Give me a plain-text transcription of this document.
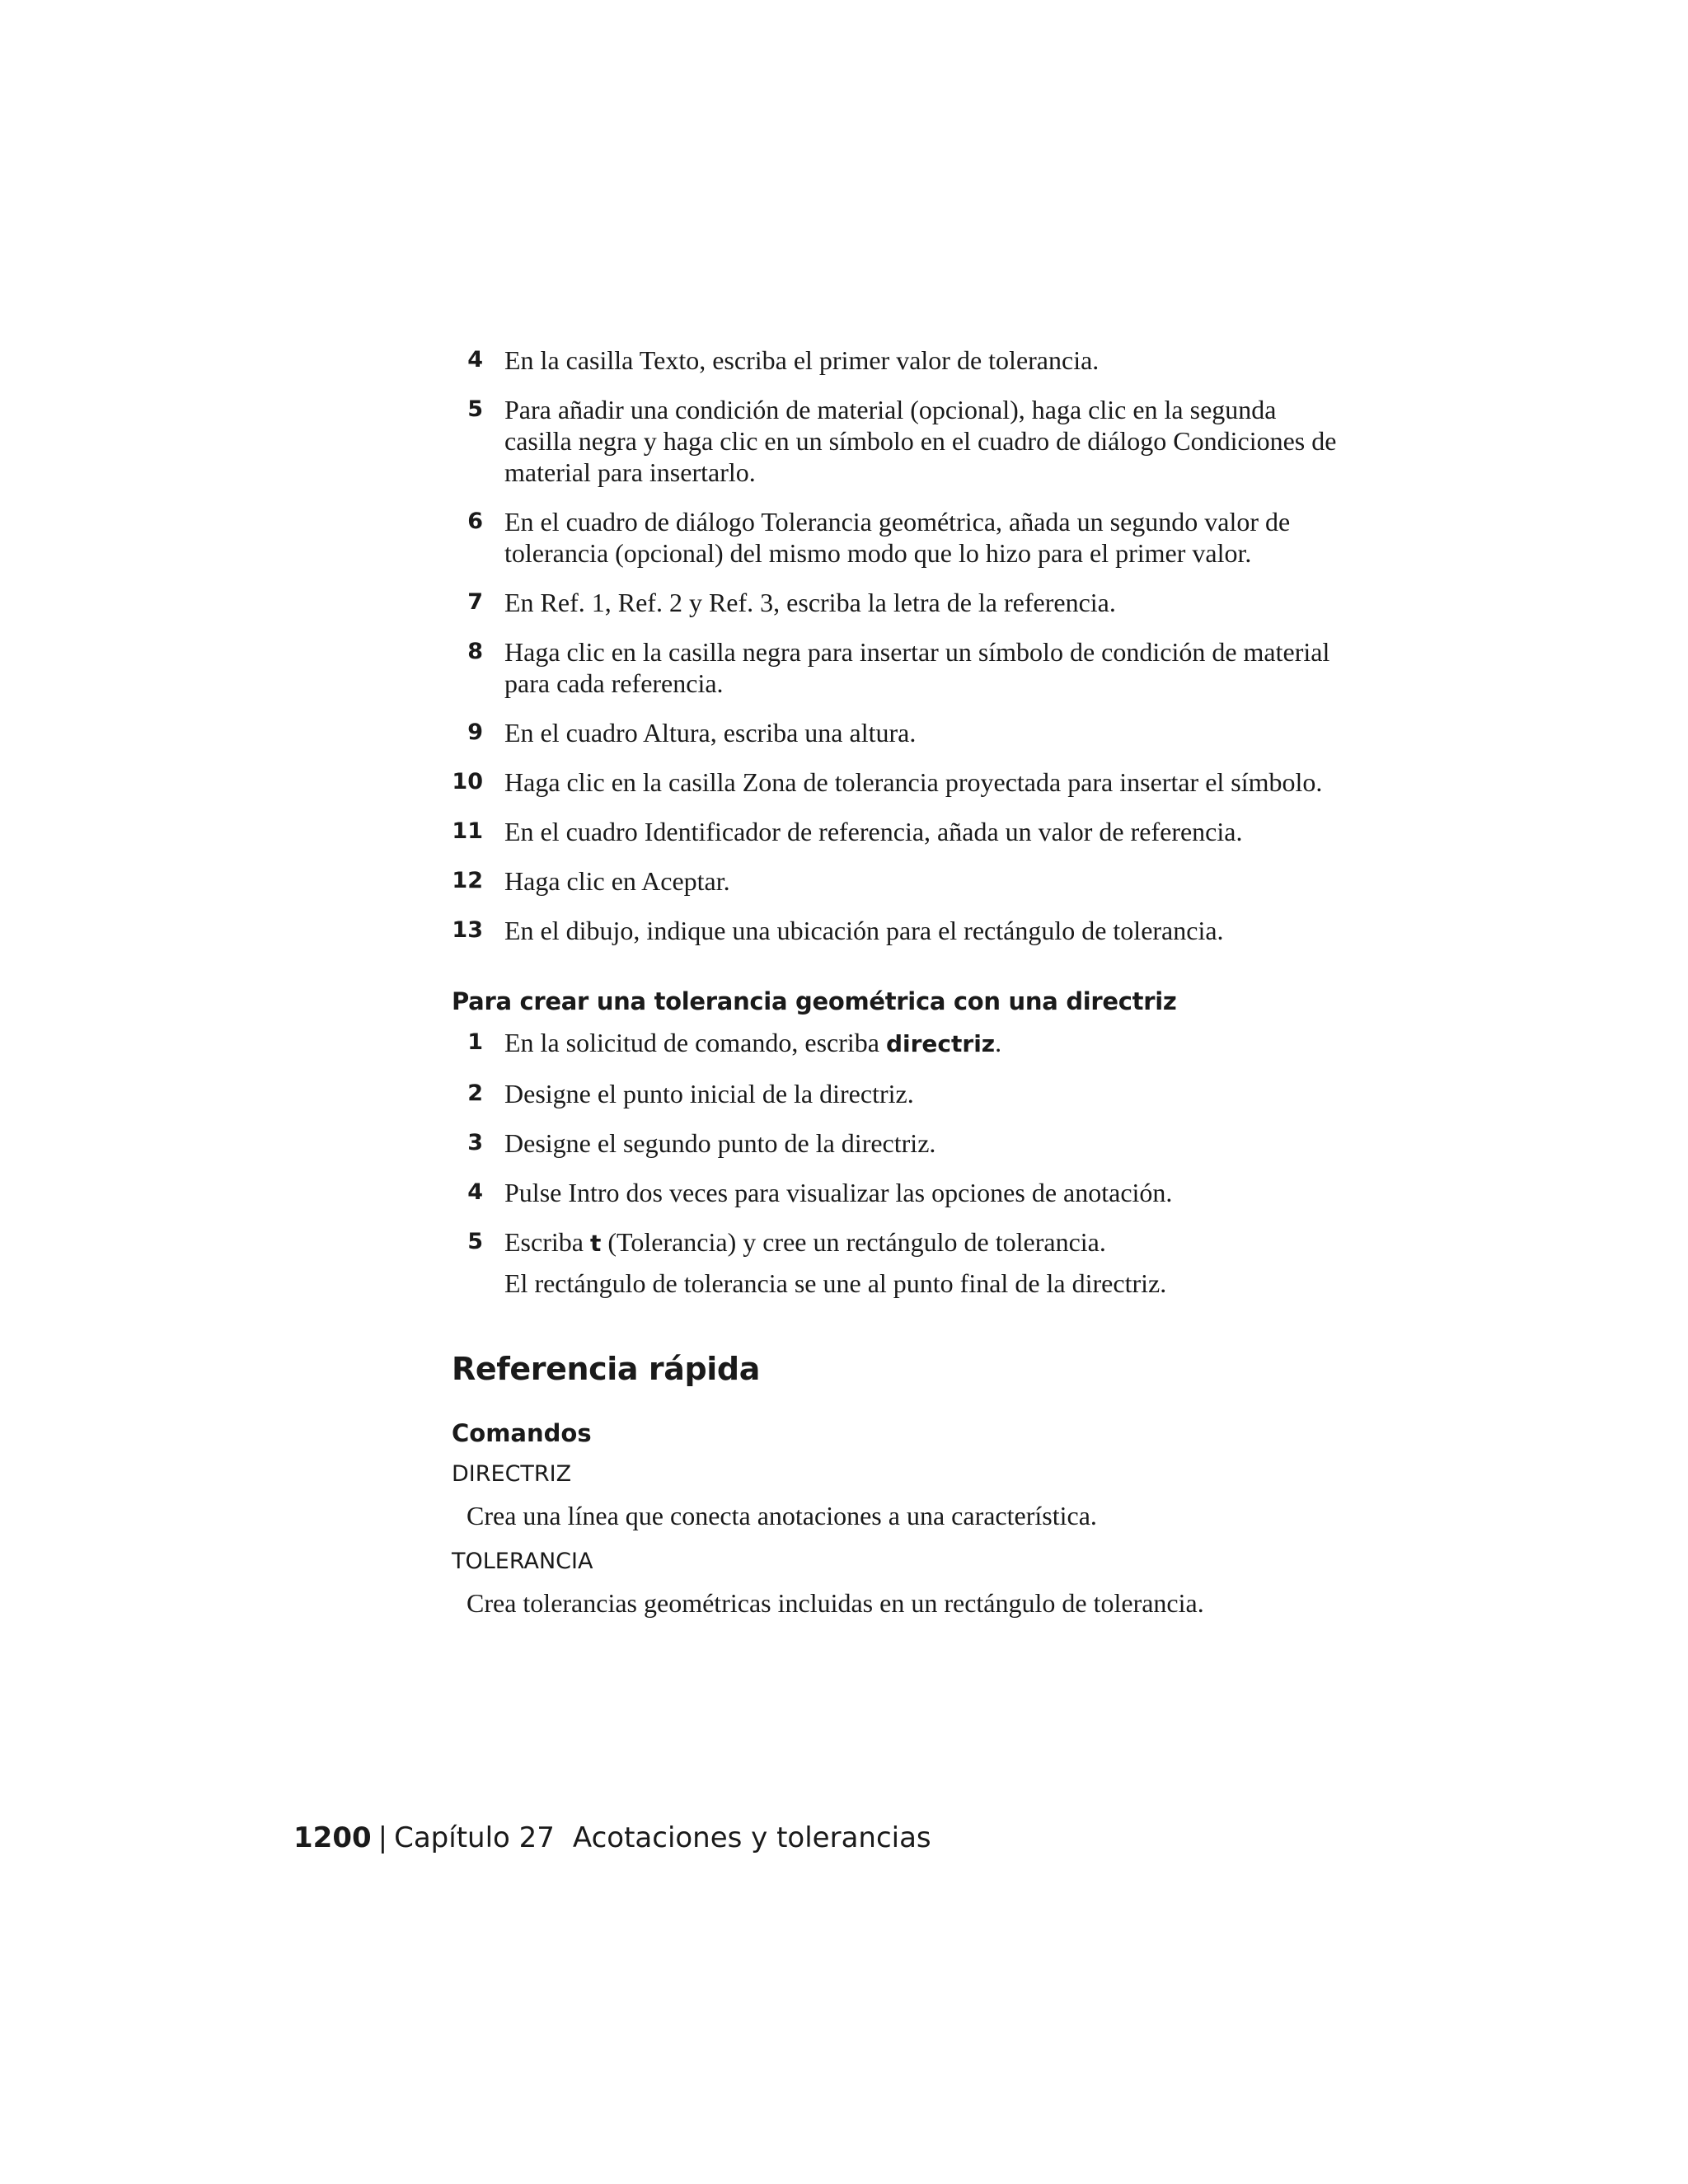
4 En la casilla Texto, escriba el primer valor de tolerancia.
5 Para añadir una condición de material (opcional), haga clic en la segunda casilla negra y haga clic en un símbolo en el cuadro de diálogo Condiciones de material para insertarlo.
6 En el cuadro de diálogo Tolerancia geométrica, añada un segundo valor de tolerancia (opcional) del mismo modo que lo hizo para el primer valor.
7 En Ref. 1, Ref. 2 y Ref. 3, escriba la letra de la referencia.
8 Haga clic en la casilla negra para insertar un símbolo de condición de material para cada referencia.
9 En el cuadro Altura, escriba una altura.
10 Haga clic en la casilla Zona de tolerancia proyectada para insertar el símbolo.
11 En el cuadro Identificador de referencia, añada un valor de referencia.
12 Haga clic en Aceptar.
13 En el dibujo, indique una ubicación para el rectángulo de tolerancia.
Para crear una tolerancia geométrica con una directriz
1 En la solicitud de comando, escriba directriz.
2 Designe el punto inicial de la directriz.
3 Designe el segundo punto de la directriz.
4 Pulse Intro dos veces para visualizar las opciones de anotación.
5 Escriba t (Tolerancia) y cree un rectángulo de tolerancia.
El rectángulo de tolerancia se une al punto final de la directriz.
Referencia rápida
Comandos
DIRECTRIZ
Crea una línea que conecta anotaciones a una característica.
TOLERANCIA
Crea tolerancias geométricas incluidas en un rectángulo de tolerancia.
1200 | Capítulo 27 Acotaciones y tolerancias
